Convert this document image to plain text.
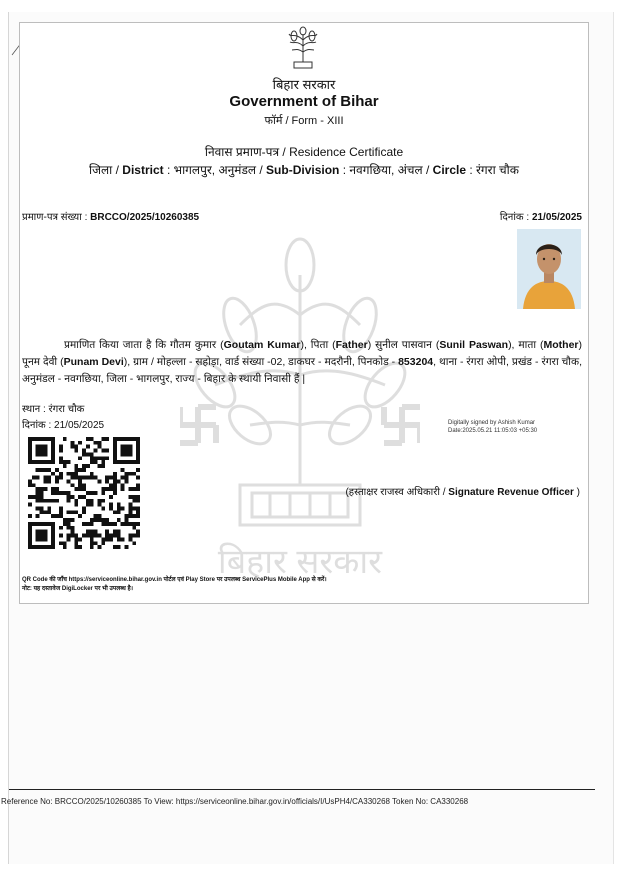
बिहार सरकार
Government of Bihar
फॉर्म / Form - XIII
निवास प्रमाण-पत्र / Residence Certificate
जिला / District : भागलपुर, अनुमंडल / Sub-Division : नवगछिया, अंचल / Circle : रंगरा चौक
प्रमाण-पत्र संख्या : BRCCO/2025/10260385	दिनांक : 21/05/2025
बिहार सरकार
प्रमाणित किया जाता है कि गौतम कुमार (Goutam Kumar), पिता (Father) सुनील पासवान (Sunil Paswan), माता (Mother) पूनम देवी (Punam Devi), ग्राम / मोहल्ला - सहोड़ा, वार्ड संख्या -02, डाकघर - मदरौनी, पिनकोड - 853204, थाना - रंगरा ओपी, प्रखंड - रंगरा चौक, अनुमंडल - नवगछिया, जिला - भागलपुर, राज्य - बिहार के स्थायी निवासी हैं |
स्थान : रंगरा चौक
दिनांक : 21/05/2025	Digitally signed by Ashish Kumar
Date:2025.05.21 11:05:03 +05:30
(हस्ताक्षर राजस्व अधिकारी / Signature Revenue Officer )
QR Code की जाँच https://serviceonline.bihar.gov.in पोर्टल एवं Play Store पर उपलब्ध ServicePlus Mobile App से करें।
नोट: यह दस्तावेज DigiLocker पर भी उपलब्ध है।
Reference No: BRCCO/2025/10260385 To View: https://serviceonline.bihar.gov.in/officials/I/UsPH4/CA330268 Token No: CA330268
